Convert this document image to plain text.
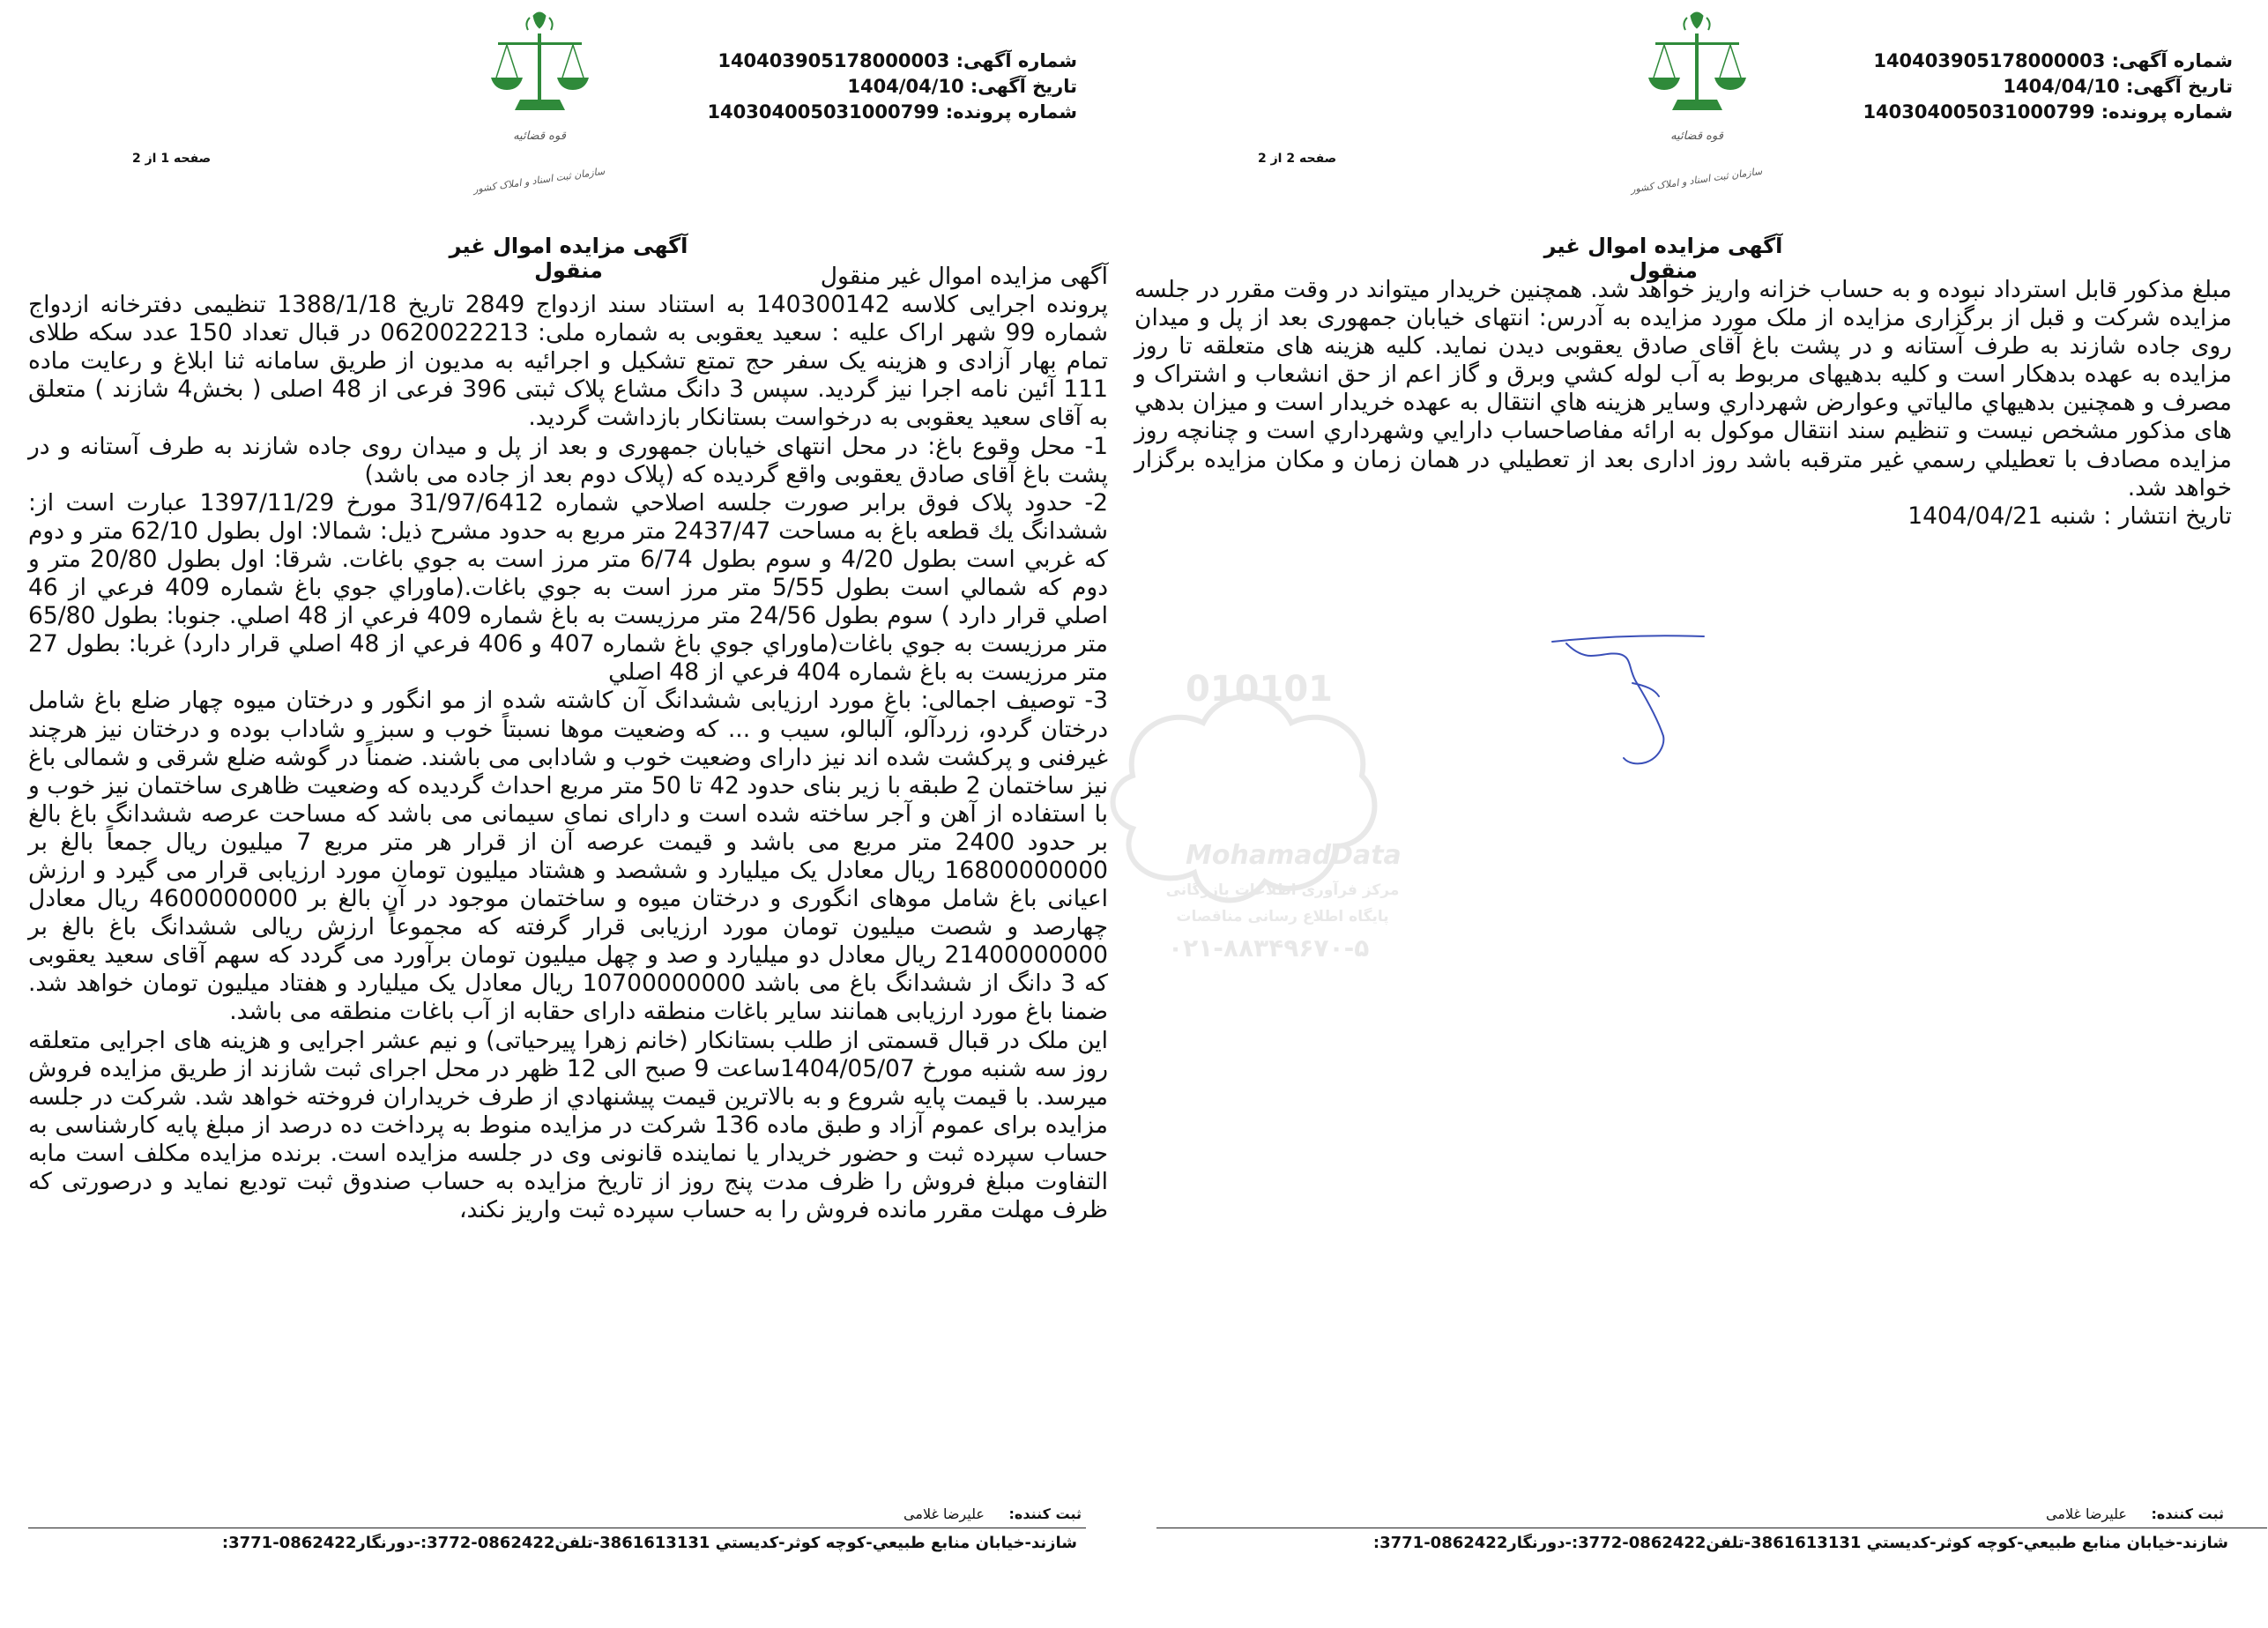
شماره آگهی: 140403905178000003
تاریخ آگهی: 1404/04/10
شماره پرونده: 140304005031000799
قوه قضائیه
سازمان ثبت اسناد و املاک کشور
صفحه 1 از 2
آگهی مزایده اموال غیر منقول	آگهی مزایده اموال غیر منقول

پرونده اجرایی کلاسه 140300142 به استناد سند ازدواج 2849 تاریخ 1388/1/18 تنظیمی دفترخانه ازدواج شماره 99 شهر اراک علیه : سعید یعقوبی به شماره ملی: 0620022213 در قبال تعداد 150 عدد سکه طلای تمام بهار آزادی و هزینه یک سفر حج تمتع تشکیل و اجرائیه به مدیون از طریق سامانه ثنا ابلاغ و رعایت ماده 111 آئین نامه اجرا نیز گردید. سپس 3 دانگ مشاع پلاک ثبتی 396 فرعی از 48 اصلی ( بخش4 شازند ) متعلق به آقای سعید یعقوبی به درخواست بستانکار بازداشت گردید.

1- محل وقوع باغ: در محل انتهای خیابان جمهوری و بعد از پل و میدان روی جاده شازند به طرف آستانه و در پشت باغ آقای صادق یعقوبی واقع گردیده که (پلاک دوم بعد از جاده می باشد)

2- حدود پلاک فوق برابر صورت جلسه اصلاحي شماره 31/97/6412 مورخ 1397/11/29 عبارت است از: ششدانگ يك قطعه باغ به مساحت 2437/47 متر مربع به حدود مشرح ذيل: شمالا: اول بطول 62/10 متر و دوم كه غربي است بطول 4/20 و سوم بطول 6/74 متر مرز است به جوي باغات. شرقا: اول بطول 20/80 متر و دوم كه شمالي است بطول 5/55 متر مرز است به جوي باغات.(ماوراي جوي باغ شماره 409 فرعي از 46 اصلي قرار دارد ) سوم بطول 24/56 متر مرزيست به باغ شماره 409 فرعي از 48 اصلي. جنوبا: بطول 65/80 متر مرزيست به جوي باغات(ماوراي جوي باغ شماره 407 و 406 فرعي از 48 اصلي قرار دارد) غربا: بطول 27 متر مرزيست به باغ شماره 404 فرعي از 48 اصلي

3- توصیف اجمالی: باغ مورد ارزیابی ششدانگ آن کاشته شده از مو انگور و درختان میوه چهار ضلع باغ شامل درختان گردو، زردآلو، آلبالو، سیب و ... که وضعیت موها نسبتاً خوب و سبز و شاداب بوده و درختان نیز هرچند غیرفنی و پرکشت شده اند نیز دارای وضعیت خوب و شادابی می باشند. ضمناً در گوشه ضلع شرقی و شمالی باغ نیز ساختمان 2 طبقه با زیر بنای حدود 42 تا 50 متر مربع احداث گردیده که وضعیت ظاهری ساختمان نیز خوب و با استفاده از آهن و آجر ساخته شده است و دارای نمای سیمانی می باشد که مساحت عرصه ششدانگ باغ بالغ بر حدود 2400 متر مربع می باشد و قیمت عرصه آن از قرار هر متر مربع 7 میلیون ریال جمعاً بالغ بر 16800000000 ریال معادل یک میلیارد و ششصد و هشتاد میلیون تومان مورد ارزیابی قرار می گیرد و ارزش اعیانی باغ شامل موهای انگوری و درختان میوه و ساختمان موجود در آن بالغ بر 4600000000 ریال معادل چهارصد و شصت میلیون تومان مورد ارزیابی قرار گرفته که مجموعاً ارزش ریالی ششدانگ باغ بالغ بر 21400000000 ریال معادل دو میلیارد و صد و چهل میلیون تومان برآورد می گردد که سهم آقای سعید یعقوبی که 3 دانگ از ششدانگ باغ می باشد 10700000000 ریال معادل یک میلیارد و هفتاد میلیون تومان خواهد شد. ضمنا باغ مورد ارزیابی همانند سایر باغات منطقه دارای حقابه از آب باغات منطقه می باشد.

این ملک در قبال قسمتی از طلب بستانکار (خانم زهرا پیرحیاتی) و نیم عشر اجرایی و هزینه های اجرایی متعلقه روز سه شنبه مورخ 1404/05/07ساعت 9 صبح الی 12 ظهر در محل اجرای ثبت شازند از طریق مزایده فروش میرسد. با قیمت پایه شروع و به بالاترین قیمت پیشنهادي از طرف خریداران فروخته خواهد شد. شرکت در جلسه مزایده برای عموم آزاد و طبق ماده 136 شرکت در مزایده منوط به پرداخت ده درصد از مبلغ پایه کارشناسی به حساب سپرده ثبت و حضور خریدار یا نماینده قانونی وی در جلسه مزایده است. برنده مزایده مکلف است مابه التفاوت مبلغ فروش را ظرف مدت پنج روز از تاریخ مزایده به حساب صندوق ثبت تودیع نماید و درصورتی که ظرف مهلت مقرر مانده فروش را به حساب سپرده ثبت واریز نکند،

ثبت کننده: علیرضا غلامی
شازند-خيابان منابع طبيعي-كوچه كوثر-كديستي 3861613131-تلفن0862422-3772:-دورنگار0862422-3771:
شماره آگهی: 140403905178000003
تاریخ آگهی: 1404/04/10
شماره پرونده: 140304005031000799
قوه قضائیه
سازمان ثبت اسناد و املاک کشور
صفحه 2 از 2
آگهی مزایده اموال غیر منقول

مبلغ مذکور قابل استرداد نبوده و به حساب خزانه واریز خواهد شد. همچنین خریدار میتواند در وقت مقرر در جلسه مزایده شرکت و قبل از برگزاری مزایده از ملک مورد مزایده به آدرس: انتهای خیابان جمهوری بعد از پل و میدان روی جاده شازند به طرف آستانه و در پشت باغ آقای صادق یعقوبی دیدن نماید. کلیه هزینه های متعلقه تا روز مزایده به عهده بدهکار است و کلیه بدهیهای مربوط به آب لوله کشي وبرق و گاز اعم از حق انشعاب و اشتراک و مصرف و همچنین بدهیهاي مالیاتي وعوارض شهرداري وسایر هزینه هاي انتقال به عهده خریدار است و میزان بدهي هاى مذکور مشخص نیست و تنظیم سند انتقال موکول به ارائه مفاصاحساب دارايي وشهرداري است و چنانچه روز مزایده مصادف با تعطیلي رسمي غیر مترقبه باشد روز اداری بعد از تعطیلي در همان زمان و مکان مزایده برگزار خواهد شد.

تاریخ انتشار : شنبه 1404/04/21

ثبت کننده: علیرضا غلامی
شازند-خيابان منابع طبيعي-كوچه كوثر-كديستي 3861613131-تلفن0862422-3772:-دورنگار0862422-3771:
010101
MohamadData
مرکز فرآوری اطلاعات بازرگانی
پایگاه اطلاع رسانی مناقصات
۰۲۱-۸۸۳۴۹۶۷۰-۵
